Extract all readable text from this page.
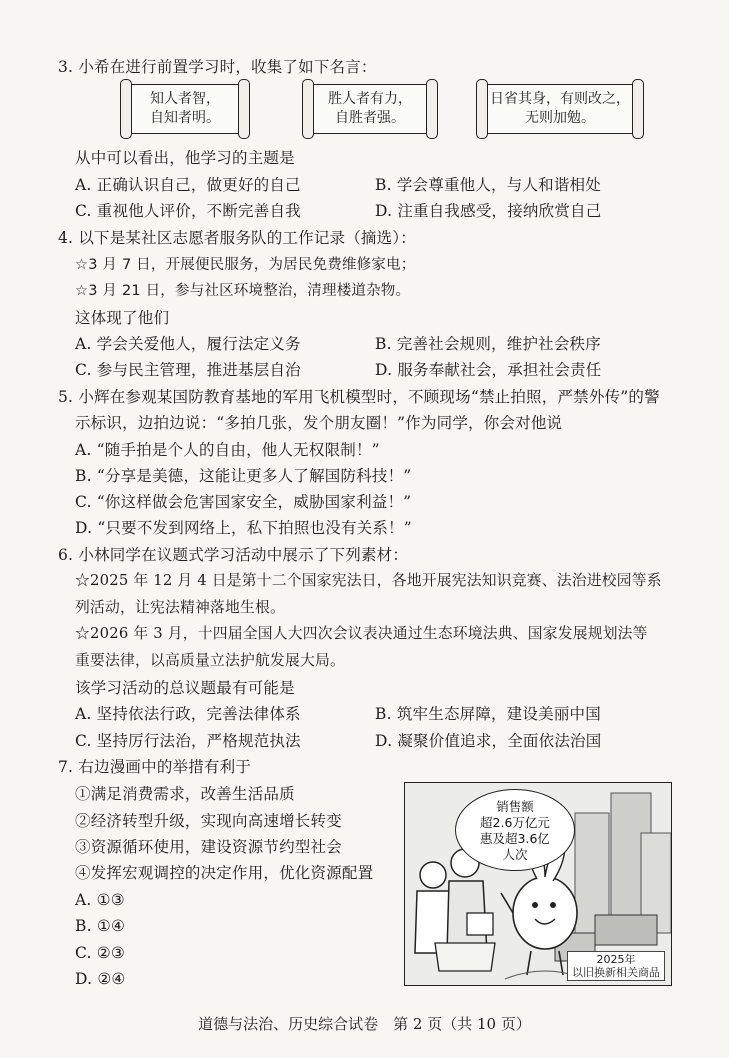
3. 小希在进行前置学习时，收集了如下名言：
知人者智，
自知者明。
胜人者有力，
自胜者强。
日省其身，有则改之，
无则加勉。
从中可以看出，他学习的主题是
A. 正确认识自己，做更好的自己	B. 学会尊重他人，与人和谐相处
C. 重视他人评价，不断完善自我	D. 注重自我感受，接纳欣赏自己
4. 以下是某社区志愿者服务队的工作记录（摘选）：
☆3 月 7 日，开展便民服务，为居民免费维修家电；
☆3 月 21 日，参与社区环境整治，清理楼道杂物。
这体现了他们
A. 学会关爱他人，履行法定义务	B. 完善社会规则，维护社会秩序
C. 参与民主管理，推进基层自治	D. 服务奉献社会，承担社会责任
5. 小辉在参观某国防教育基地的军用飞机模型时，不顾现场“禁止拍照，严禁外传”的警
示标识，边拍边说：“多拍几张，发个朋友圈！”作为同学，你会对他说
A. “随手拍是个人的自由，他人无权限制！”
B. “分享是美德，这能让更多人了解国防科技！”
C. “你这样做会危害国家安全，威胁国家利益！”
D. “只要不发到网络上，私下拍照也没有关系！”
6. 小林同学在议题式学习活动中展示了下列素材：
☆2025 年 12 月 4 日是第十二个国家宪法日，各地开展宪法知识竞赛、法治进校园等系
列活动，让宪法精神落地生根。
☆2026 年 3 月，十四届全国人大四次会议表决通过生态环境法典、国家发展规划法等
重要法律，以高质量立法护航发展大局。
该学习活动的总议题最有可能是
A. 坚持依法行政，完善法律体系	B. 筑牢生态屏障，建设美丽中国
C. 坚持厉行法治，严格规范执法	D. 凝聚价值追求，全面依法治国
7. 右边漫画中的举措有利于
①满足消费需求，改善生活品质
②经济转型升级，实现向高速增长转变
③资源循环使用，建设资源节约型社会
④发挥宏观调控的决定作用，优化资源配置
A. ①③
B. ①④
C. ②③
D. ②④
销售额
超2.6万亿元
惠及超3.6亿
人次
2025年
以旧换新相关商品
道德与法治、历史综合试卷　第 2 页（共 10 页）
